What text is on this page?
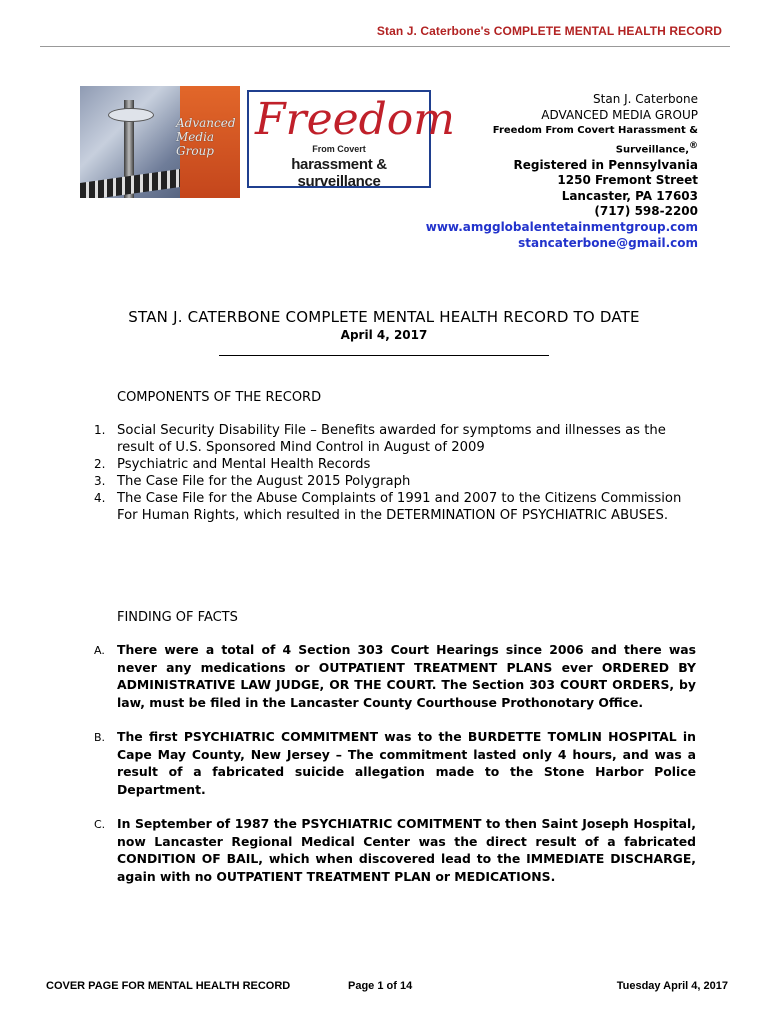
Stan J. Caterbone's COMPLETE MENTAL HEALTH RECORD
Advanced Media Group
Freedom
From Covert
harassment & surveillance
Stan J. Caterbone
ADVANCED MEDIA GROUP
Freedom From Covert Harassment &
Surveillance,®
Registered in Pennsylvania
1250 Fremont Street
Lancaster, PA 17603
(717) 598-2200
www.amgglobalentetainmentgroup.com
stancaterbone@gmail.com
STAN J. CATERBONE COMPLETE MENTAL HEALTH RECORD TO DATE
April 4, 2017
COMPONENTS OF THE RECORD
1. Social Security Disability File – Benefits awarded for symptoms and illnesses as the result of U.S. Sponsored Mind Control in August of 2009
2. Psychiatric and Mental Health Records
3. The Case File for the August 2015 Polygraph
4. The Case File for the Abuse Complaints of 1991 and 2007 to the Citizens Commission For Human Rights, which resulted in the DETERMINATION OF PSYCHIATRIC ABUSES.
FINDING OF FACTS
A. There were a total of 4 Section 303 Court Hearings since 2006 and there was never any medications or OUTPATIENT TREATMENT PLANS ever ORDERED BY ADMINISTRATIVE LAW JUDGE, OR THE COURT. The Section 303 COURT ORDERS, by law, must be filed in the Lancaster County Courthouse Prothonotary Office.
B. The first PSYCHIATRIC COMMITMENT was to the BURDETTE TOMLIN HOSPITAL in Cape May County, New Jersey – The commitment lasted only 4 hours, and was a result of a fabricated suicide allegation made to the Stone Harbor Police Department.
C. In September of 1987 the PSYCHIATRIC COMITMENT to then Saint Joseph Hospital, now Lancaster Regional Medical Center was the direct result of a fabricated CONDITION OF BAIL, which when discovered lead to the IMMEDIATE DISCHARGE, again with no OUTPATIENT TREATMENT PLAN or MEDICATIONS.
COVER PAGE FOR MENTAL HEALTH RECORD	Page 1 of 14	Tuesday April 4, 2017
